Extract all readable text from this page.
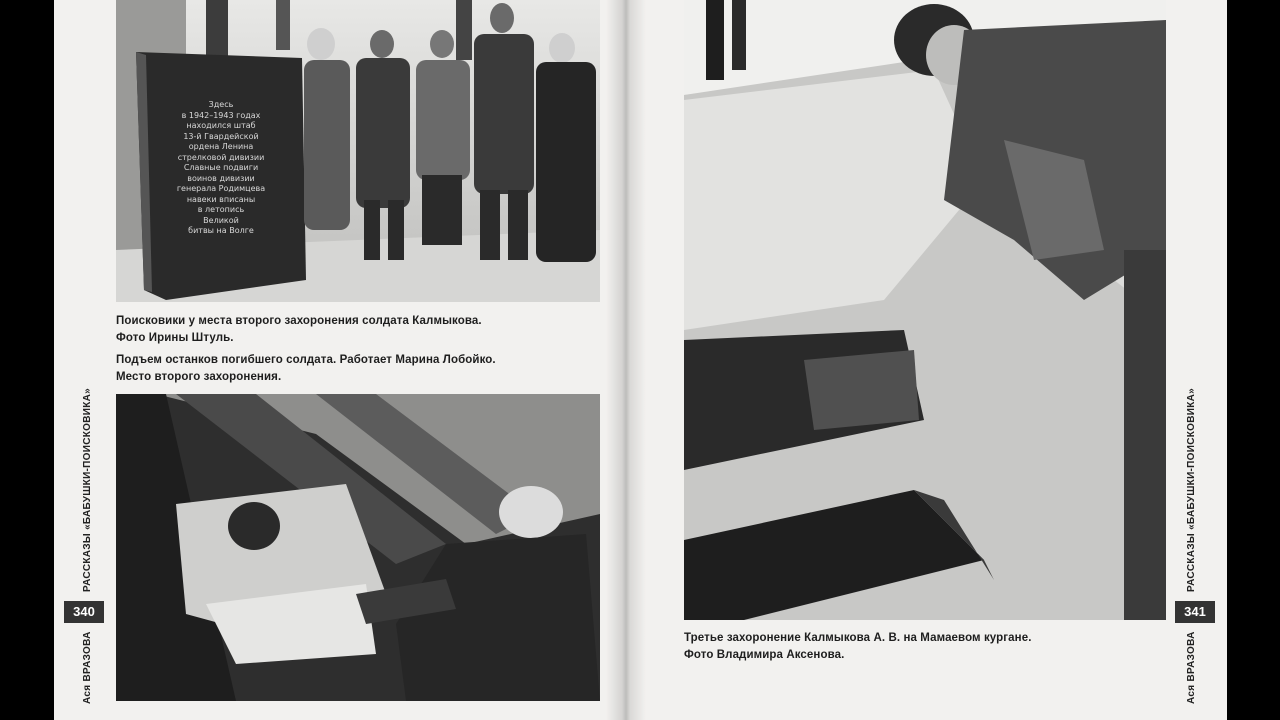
Здесь
в 1942–1943 годах
находился штаб
13-й Гвардейской
ордена Ленина
стрелковой дивизии
Славные подвиги
воинов дивизии
генерала Родимцева
навеки вписаны
в летопись
Великой
битвы на Волге
Поисковики у места второго захоронения солдата Калмыкова.
Фото Ирины Штуль.
Подъем останков погибшего солдата. Работает Марина Лобойко.
Место второго захоронения.
Ася ВРАЗОВА
РАССКАЗЫ «БАБУШКИ-ПОИСКОВИКА»
340
Третье захоронение Калмыкова А. В. на Мамаевом кургане.
Фото Владимира Аксенова.	Ася ВРАЗОВА
РАССКАЗЫ «БАБУШКИ-ПОИСКОВИКА»
341
